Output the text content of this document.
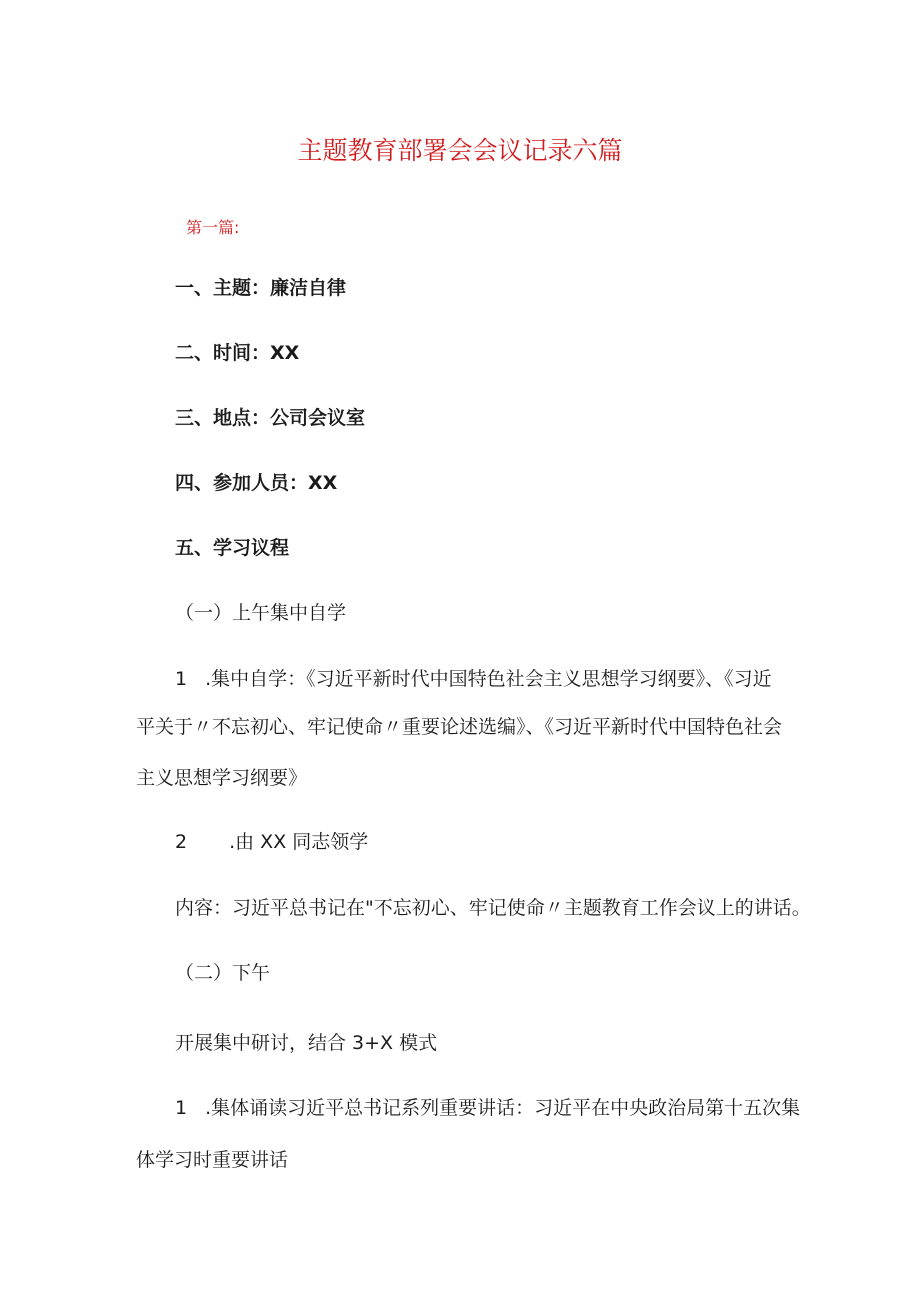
主题教育部署会会议记录六篇
第一篇:
一、主题：廉洁自律
二、时间：XX
三、地点：公司会议室
四、参加人员：XX
五、学习议程
（一）上午集中自学
1 .集中自学：《习近平新时代中国特色社会主义思想学习纲要》、《习近
平关于〃不忘初心、牢记使命〃重要论述选编》、《习近平新时代中国特色社会
主义思想学习纲要》
2 .由 XX 同志领学
内容：习近平总书记在"不忘初心、牢记使命〃主题教育工作会议上的讲话。
（二）下午
开展集中研讨，结合 3+X 模式
1 .集体诵读习近平总书记系列重要讲话：习近平在中央政治局第十五次集
体学习时重要讲话
